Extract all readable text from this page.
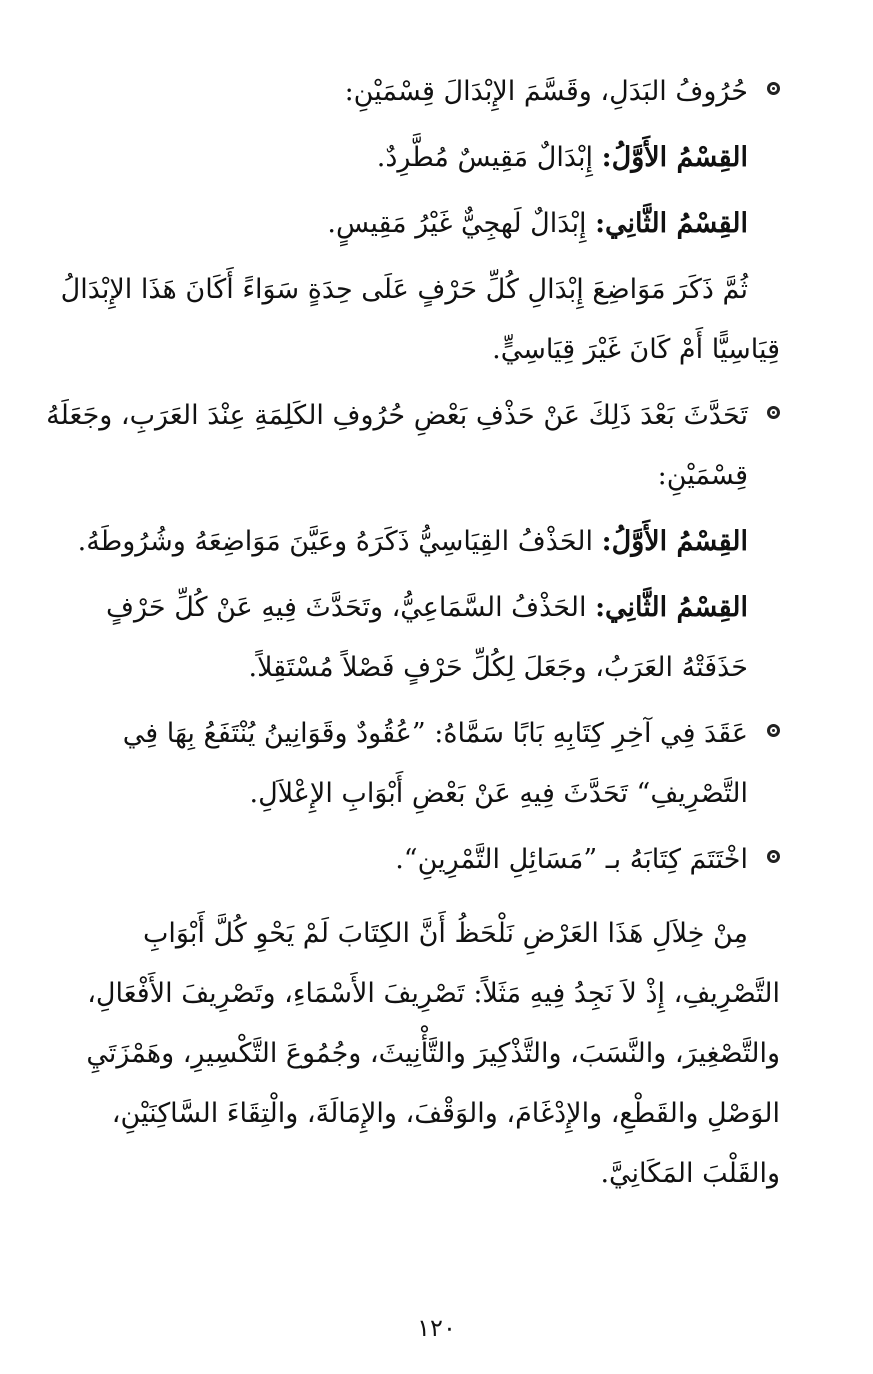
حُرُوفُ البَدَلِ، وقَسَّمَ الإِبْدَالَ قِسْمَيْنِ:

القِسْمُ الأَوَّلُ: إِبْدَالٌ مَقِيسٌ مُطَّرِدٌ.

القِسْمُ الثَّانِي: إِبْدَالٌ لَهجِيٌّ غَيْرُ مَقِيسٍ.

ثُمَّ ذَكَرَ مَوَاضِعَ إِبْدَالِ كُلِّ حَرْفٍ عَلَى حِدَةٍ سَوَاءً أَكَانَ هَذَا الإِبْدَالُ قِيَاسِيًّا أَمْ كَانَ غَيْرَ قِيَاسِيٍّ.

تَحَدَّثَ بَعْدَ ذَلِكَ عَنْ حَذْفِ بَعْضِ حُرُوفِ الكَلِمَةِ عِنْدَ العَرَبِ، وجَعَلَهُ قِسْمَيْنِ:

القِسْمُ الأَوَّلُ: الحَذْفُ القِيَاسِيُّ ذَكَرَهُ وعَيَّنَ مَوَاضِعَهُ وشُرُوطَهُ.

القِسْمُ الثَّانِي: الحَذْفُ السَّمَاعِيُّ، وتَحَدَّثَ فِيهِ عَنْ كُلِّ حَرْفٍ حَذَفَتْهُ العَرَبُ، وجَعَلَ لِكُلِّ حَرْفٍ فَصْلاً مُسْتَقِلاً.

عَقَدَ فِي آخِرِ كِتَابِهِ بَابًا سَمَّاهُ: ”عُقُودٌ وقَوَانِينُ يُنْتَفَعُ بِهَا فِي التَّصْرِيفِ“ تَحَدَّثَ فِيهِ عَنْ بَعْضِ أَبْوَابِ الإِعْلاَلِ.

اخْتَتَمَ كِتَابَهُ بـ ”مَسَائِلِ التَّمْرِينِ“.

مِنْ خِلاَلِ هَذَا العَرْضِ نَلْحَظُ أَنَّ الكِتَابَ لَمْ يَحْوِ كُلَّ أَبْوَابِ التَّصْرِيفِ، إِذْ لاَ نَجِدُ فِيهِ مَثَلاً: تَصْرِيفَ الأَسْمَاءِ، وتَصْرِيفَ الأَفْعَالِ، والتَّصْغِيرَ، والنَّسَبَ، والتَّذْكِيرَ والتَّأْنِيثَ، وجُمُوعَ التَّكْسِيرِ، وهَمْزَتَيِ الوَصْلِ والقَطْعِ، والإِدْغَامَ، والوَقْفَ، والإِمَالَةَ، والْتِقَاءَ السَّاكِنَيْنِ، والقَلْبَ المَكَانِيَّ.

١٢٠
